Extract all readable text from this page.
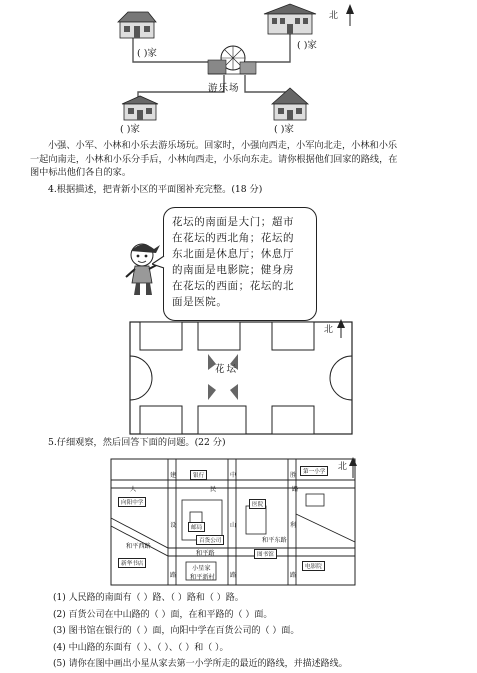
北
( )家
( )家
游乐场
( )家	( )家
小强、小军、小林和小乐去游乐场玩。回家时，小强向西走，小军向北走，小林和小乐
一起向南走，小林和小乐分手后，小林向西走，小乐向东走。请你根据他们回家的路线，在
图中标出他们各自的家。
4.根据描述，把青新小区的平面图补充完整。(18 分)
花坛的南面是大门；超市
在花坛的西北角；花坛的
东北面是休息厅；休息厅
的南面是电影院；健身房
在花坛的西面；花坛的北
面是医院。
花坛
北
5.仔细观察，然后回答下面的问题。(22 分)
人	民	路
建
设
路
中
山
路
胜
利
路
银行
邮局
第一小学
向阳中学	医院
百货公司
和平西路
和平路
和平东路
图书馆
新华书店
小星家
和平新村
电影院
北
(1) 人民路的南面有（ ）路、（ ）路和（ ）路。
(2) 百货公司在中山路的（ ）面，在和平路的（ ）面。
(3) 图书馆在银行的（ ）面，向阳中学在百货公司的（ ）面。
(4) 中山路的东面有（ ）、（ ）、（ ）和（ ）。
(5) 请你在图中画出小星从家去第一小学所走的最近的路线，并描述路线。
